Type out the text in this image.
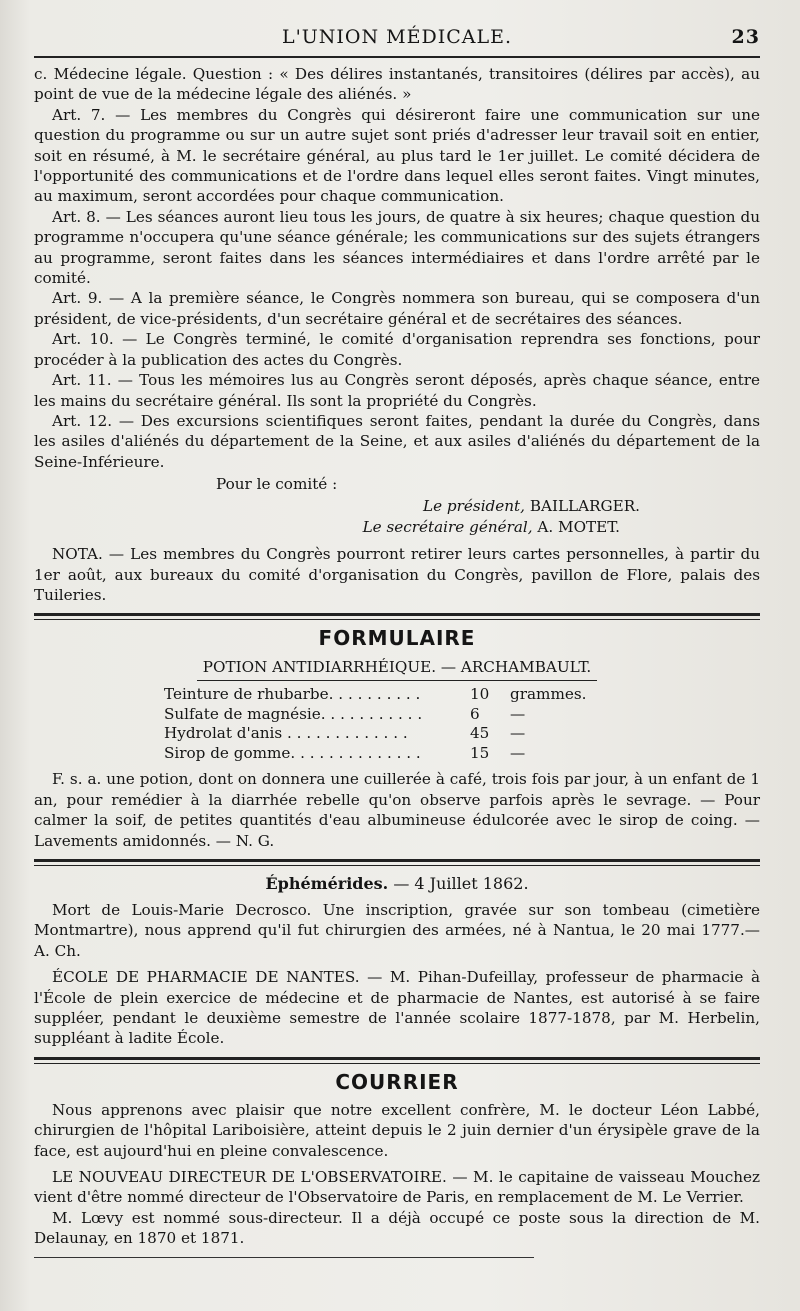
L'UNION MÉDICALE.	23

c. Médecine légale. Question : « Des délires instantanés, transitoires (délires par accès), au point de vue de la médecine légale des aliénés. »

Art. 7. — Les membres du Congrès qui désireront faire une communication sur une question du programme ou sur un autre sujet sont priés d'adresser leur travail soit en entier, soit en résumé, à M. le secrétaire général, au plus tard le 1er juillet. Le comité décidera de l'opportunité des communications et de l'ordre dans lequel elles seront faites. Vingt minutes, au maximum, seront accordées pour chaque communication.

Art. 8. — Les séances auront lieu tous les jours, de quatre à six heures; chaque question du programme n'occupera qu'une séance générale; les communications sur des sujets étrangers au programme, seront faites dans les séances intermédiaires et dans l'ordre arrêté par le comité.

Art. 9. — A la première séance, le Congrès nommera son bureau, qui se composera d'un président, de vice-présidents, d'un secrétaire général et de secrétaires des séances.

Art. 10. — Le Congrès terminé, le comité d'organisation reprendra ses fonctions, pour procéder à la publication des actes du Congrès.

Art. 11. — Tous les mémoires lus au Congrès seront déposés, après chaque séance, entre les mains du secrétaire général. Ils sont la propriété du Congrès.

Art. 12. — Des excursions scientifiques seront faites, pendant la durée du Congrès, dans les asiles d'aliénés du département de la Seine, et aux asiles d'aliénés du département de la Seine-Inférieure.

Pour le comité :
Le président, BAILLARGER.
Le secrétaire général, A. MOTET.

NOTA. — Les membres du Congrès pourront retirer leurs cartes personnelles, à partir du 1er août, aux bureaux du comité d'organisation du Congrès, pavillon de Flore, palais des Tuileries.

FORMULAIRE
POTION ANTIDIARRHÉIQUE. — ARCHAMBAULT.
Teinture de rhubarbe. . . . . . . . . .	10	grammes.
Sulfate de magnésie. . . . . . . . . . .	6	—
Hydrolat d'anis . . . . . . . . . . . . .	45	—
Sirop de gomme. . . . . . . . . . . . . .	15	—

F. s. a. une potion, dont on donnera une cuillerée à café, trois fois par jour, à un enfant de 1 an, pour remédier à la diarrhée rebelle qu'on observe parfois après le sevrage. — Pour calmer la soif, de petites quantités d'eau albumineuse édulcorée avec le sirop de coing. — Lavements amidonnés. — N. G.

Éphémérides. — 4 Juillet 1862.

Mort de Louis-Marie Decrosco. Une inscription, gravée sur son tombeau (cimetière Montmartre), nous apprend qu'il fut chirurgien des armées, né à Nantua, le 20 mai 1777.— A. Ch.

ÉCOLE DE PHARMACIE DE NANTES. — M. Pihan-Dufeillay, professeur de pharmacie à l'École de plein exercice de médecine et de pharmacie de Nantes, est autorisé à se faire suppléer, pendant le deuxième semestre de l'année scolaire 1877-1878, par M. Herbelin, suppléant à ladite École.

COURRIER

Nous apprenons avec plaisir que notre excellent confrère, M. le docteur Léon Labbé, chirurgien de l'hôpital Lariboisière, atteint depuis le 2 juin dernier d'un érysipèle grave de la face, est aujourd'hui en pleine convalescence.

LE NOUVEAU DIRECTEUR DE L'OBSERVATOIRE. — M. le capitaine de vaisseau Mouchez vient d'être nommé directeur de l'Observatoire de Paris, en remplacement de M. Le Verrier.

M. Lœvy est nommé sous-directeur. Il a déjà occupé ce poste sous la direction de M. Delaunay, en 1870 et 1871.
